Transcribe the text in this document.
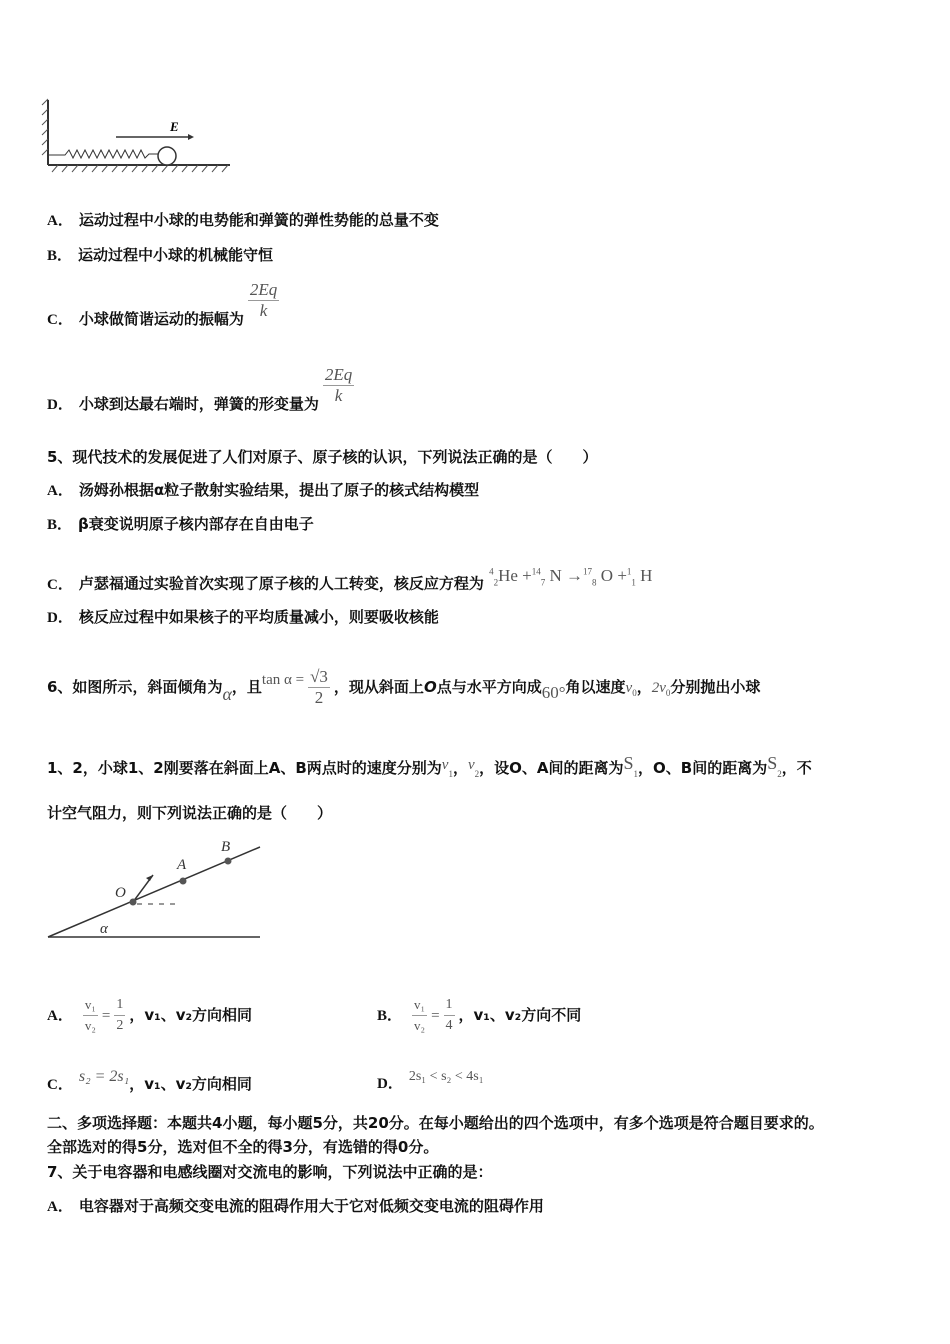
E
A． 运动过程中小球的电势能和弹簧的弹性势能的总量不变
B． 运动过程中小球的机械能守恒
C． 小球做简谐运动的振幅为 $\frac{2Eq}{k}$
D． 小球到达最右端时，弹簧的形变量为 $\frac{2Eq}{k}$
5、现代技术的发展促进了人们对原子、原子核的认识，下列说法正确的是（　　）
A． 汤姆孙根据α粒子散射实验结果，提出了原子的核式结构模型
B． β衰变说明原子核内部存在自由电子
C． 卢瑟福通过实验首次实现了原子核的人工转变，核反应方程为 $^4_2$He +$^{14}_7$ N →$^{17}_8$ O +$^1_1$ H
D． 核反应过程中如果核子的平均质量减小，则要吸收核能
6、如图所示，斜面倾角为α，且$\tan \alpha = \frac{√3}{2}$ ，现从斜面上O点与水平方向成60°角以速度$v_0$，$2v_0$分别抛出小球
1、2，小球1、2刚要落在斜面上A、B两点时的速度分别为$v_1$，$v_2$，设O、A间的距离为$S_1$，O、B间的距离为$S_2$，不
计空气阻力，则下列说法正确的是（　　）
O
A
B
α
A． $\frac{\text{v₁}}{\text{v₂}} = \frac{1}{2}$ ，v₁、v₂方向相同	B． $\frac{\text{v₁}}{\text{v₂}} = \frac{1}{4}$ ，v₁、v₂方向不同
C． s₂ = 2s₁，v₁、v₂方向相同	D． 2s₁ < s₂ < 4s₁
二、多项选择题：本题共4小题，每小题5分，共20分。在每小题给出的四个选项中，有多个选项是符合题目要求的。
全部选对的得5分，选对但不全的得3分，有选错的得0分。
7、关于电容器和电感线圈对交流电的影响，下列说法中正确的是：
A． 电容器对于高频交变电流的阻碍作用大于它对低频交变电流的阻碍作用
